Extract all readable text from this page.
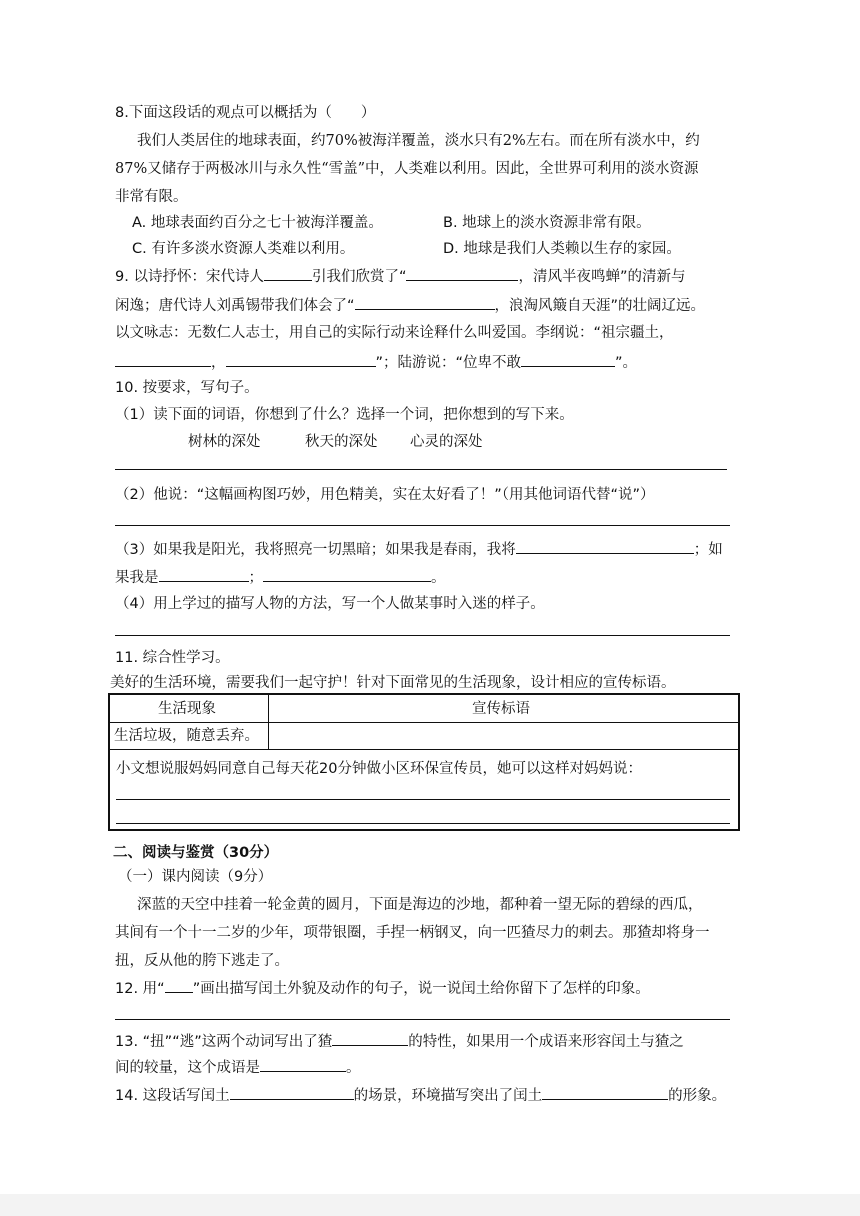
8.下面这段话的观点可以概括为（　　）
我们人类居住的地球表面，约70%被海洋覆盖，淡水只有2%左右。而在所有淡水中，约
87%又储存于两极冰川与永久性“雪盖”中，人类难以利用。因此，全世界可利用的淡水资源
非常有限。
A. 地球表面约百分之七十被海洋覆盖。	B. 地球上的淡水资源非常有限。
C. 有许多淡水资源人类难以利用。	D. 地球是我们人类赖以生存的家园。
9. 以诗抒怀：宋代诗人	引我们欣赏了“	，清风半夜鸣蝉”的清新与
闲逸；唐代诗人刘禹锡带我们体会了“	，浪淘风簸自天涯”的壮阔辽远。
以文咏志：无数仁人志士，用自己的实际行动来诠释什么叫爱国。李纲说：“祖宗疆土，
，	”；陆游说：“位卑不敢	”。
10. 按要求，写句子。
（1）读下面的词语，你想到了什么？选择一个词，把你想到的写下来。
树林的深处	秋天的深处 心灵的深处
（2）他说：“这幅画构图巧妙，用色精美，实在太好看了！”（用其他词语代替“说”）
（3）如果我是阳光，我将照亮一切黑暗；如果我是春雨，我将	；如
果我是	；	。
（4）用上学过的描写人物的方法，写一个人做某事时入迷的样子。
11. 综合性学习。
美好的生活环境，需要我们一起守护！针对下面常见的生活现象，设计相应的宣传标语。
生活现象	宣传标语
生活垃圾，随意丢弃。
小文想说服妈妈同意自己每天花20分钟做小区环保宣传员，她可以这样对妈妈说：
二、阅读与鉴赏（30分）
（一）课内阅读（9分）
深蓝的天空中挂着一轮金黄的圆月，下面是海边的沙地，都种着一望无际的碧绿的西瓜，
其间有一个十一二岁的少年，项带银圈，手捏一柄钢叉，向一匹猹尽力的刺去。那猹却将身一
扭，反从他的胯下逃走了。
12. 用“ ”画出描写闰土外貌及动作的句子，说一说闰土给你留下了怎样的印象。
13. “扭”“逃”这两个动词写出了猹	的特性，如果用一个成语来形容闰土与猹之
间的较量，这个成语是	。
14. 这段话写闰土	的场景，环境描写突出了闰土	的形象。
